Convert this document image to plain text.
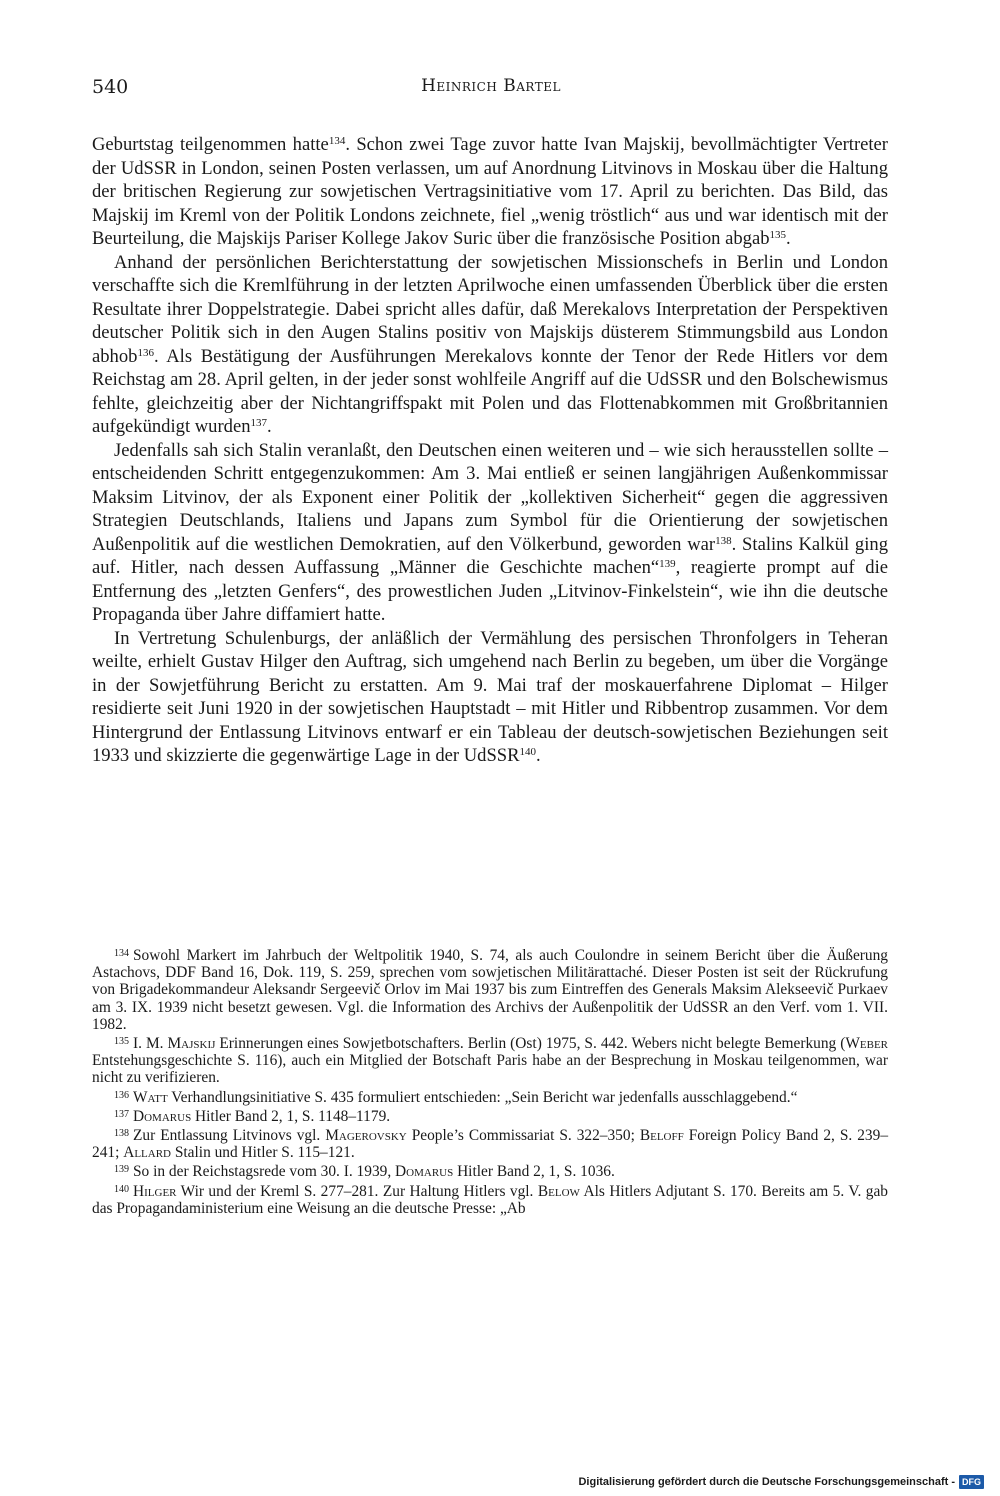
540	Heinrich Bartel

Geburtstag teilgenommen hatte$^{134}$. Schon zwei Tage zuvor hatte Ivan Majskij, bevollmächtigter Vertreter der UdSSR in London, seinen Posten verlassen, um auf Anordnung Litvinovs in Moskau über die Haltung der britischen Regierung zur sowjetischen Vertragsinitiative vom 17. April zu berichten. Das Bild, das Majskij im Kreml von der Politik Londons zeichnete, fiel „wenig tröstlich“ aus und war identisch mit der Beurteilung, die Majskijs Pariser Kollege Jakov Suric über die französische Position abgab$^{135}$.

Anhand der persönlichen Berichterstattung der sowjetischen Missionschefs in Berlin und London verschaffte sich die Kremlführung in der letzten Aprilwoche einen umfassenden Überblick über die ersten Resultate ihrer Doppelstrategie. Dabei spricht alles dafür, daß Merekalovs Interpretation der Perspektiven deutscher Politik sich in den Augen Stalins positiv von Majskijs düsterem Stimmungsbild aus London abhob$^{136}$. Als Bestätigung der Ausführungen Merekalovs konnte der Tenor der Rede Hitlers vor dem Reichstag am 28. April gelten, in der jeder sonst wohlfeile Angriff auf die UdSSR und den Bolschewismus fehlte, gleichzeitig aber der Nichtangriffspakt mit Polen und das Flottenabkommen mit Großbritannien aufgekündigt wurden$^{137}$.

Jedenfalls sah sich Stalin veranlaßt, den Deutschen einen weiteren und – wie sich herausstellen sollte – entscheidenden Schritt entgegenzukommen: Am 3. Mai entließ er seinen langjährigen Außenkommissar Maksim Litvinov, der als Exponent einer Politik der „kollektiven Sicherheit“ gegen die aggressiven Strategien Deutschlands, Italiens und Japans zum Symbol für die Orientierung der sowjetischen Außenpolitik auf die westlichen Demokratien, auf den Völkerbund, geworden war$^{138}$. Stalins Kalkül ging auf. Hitler, nach dessen Auffassung „Männer die Geschichte machen“$^{139}$, reagierte prompt auf die Entfernung des „letzten Genfers“, des prowestlichen Juden „Litvinov-Finkelstein“, wie ihn die deutsche Propaganda über Jahre diffamiert hatte.

In Vertretung Schulenburgs, der anläßlich der Vermählung des persischen Thronfolgers in Teheran weilte, erhielt Gustav Hilger den Auftrag, sich umgehend nach Berlin zu begeben, um über die Vorgänge in der Sowjetführung Bericht zu erstatten. Am 9. Mai traf der moskauerfahrene Diplomat – Hilger residierte seit Juni 1920 in der sowjetischen Hauptstadt – mit Hitler und Ribbentrop zusammen. Vor dem Hintergrund der Entlassung Litvinovs entwarf er ein Tableau der deutsch-sowjetischen Beziehungen seit 1933 und skizzierte die gegenwärtige Lage in der UdSSR$^{140}$.

$^{134}$ Sowohl Markert im Jahrbuch der Weltpolitik 1940, S. 74, als auch Coulondre in seinem Bericht über die Äußerung Astachovs, DDF Band 16, Dok. 119, S. 259, sprechen vom sowjetischen Militärattaché. Dieser Posten ist seit der Rückrufung von Brigadekommandeur Aleksandr Sergeevič Orlov im Mai 1937 bis zum Eintreffen des Generals Maksim Alekseevič Purkaev am 3. IX. 1939 nicht besetzt gewesen. Vgl. die Information des Archivs der Außenpolitik der UdSSR an den Verf. vom 1. VII. 1982.

$^{135}$ I. M. Majskij Erinnerungen eines Sowjetbotschafters. Berlin (Ost) 1975, S. 442. Webers nicht belegte Bemerkung (Weber Entstehungsgeschichte S. 116), auch ein Mitglied der Botschaft Paris habe an der Besprechung in Moskau teilgenommen, war nicht zu verifizieren.

$^{136}$ Watt Verhandlungsinitiative S. 435 formuliert entschieden: „Sein Bericht war jedenfalls ausschlaggebend.“

$^{137}$ Domarus Hitler Band 2, 1, S. 1148–1179.

$^{138}$ Zur Entlassung Litvinovs vgl. Magerovsky People’s Commissariat S. 322–350; Beloff Foreign Policy Band 2, S. 239–241; Allard Stalin und Hitler S. 115–121.

$^{139}$ So in der Reichstagsrede vom 30. I. 1939, Domarus Hitler Band 2, 1, S. 1036.

$^{140}$ Hilger Wir und der Kreml S. 277–281. Zur Haltung Hitlers vgl. Below Als Hitlers Adjutant S. 170. Bereits am 5. V. gab das Propagandaministerium eine Weisung an die deutsche Presse: „Ab

Digitalisierung gefördert durch die Deutsche Forschungsgemeinschaft - DFG
